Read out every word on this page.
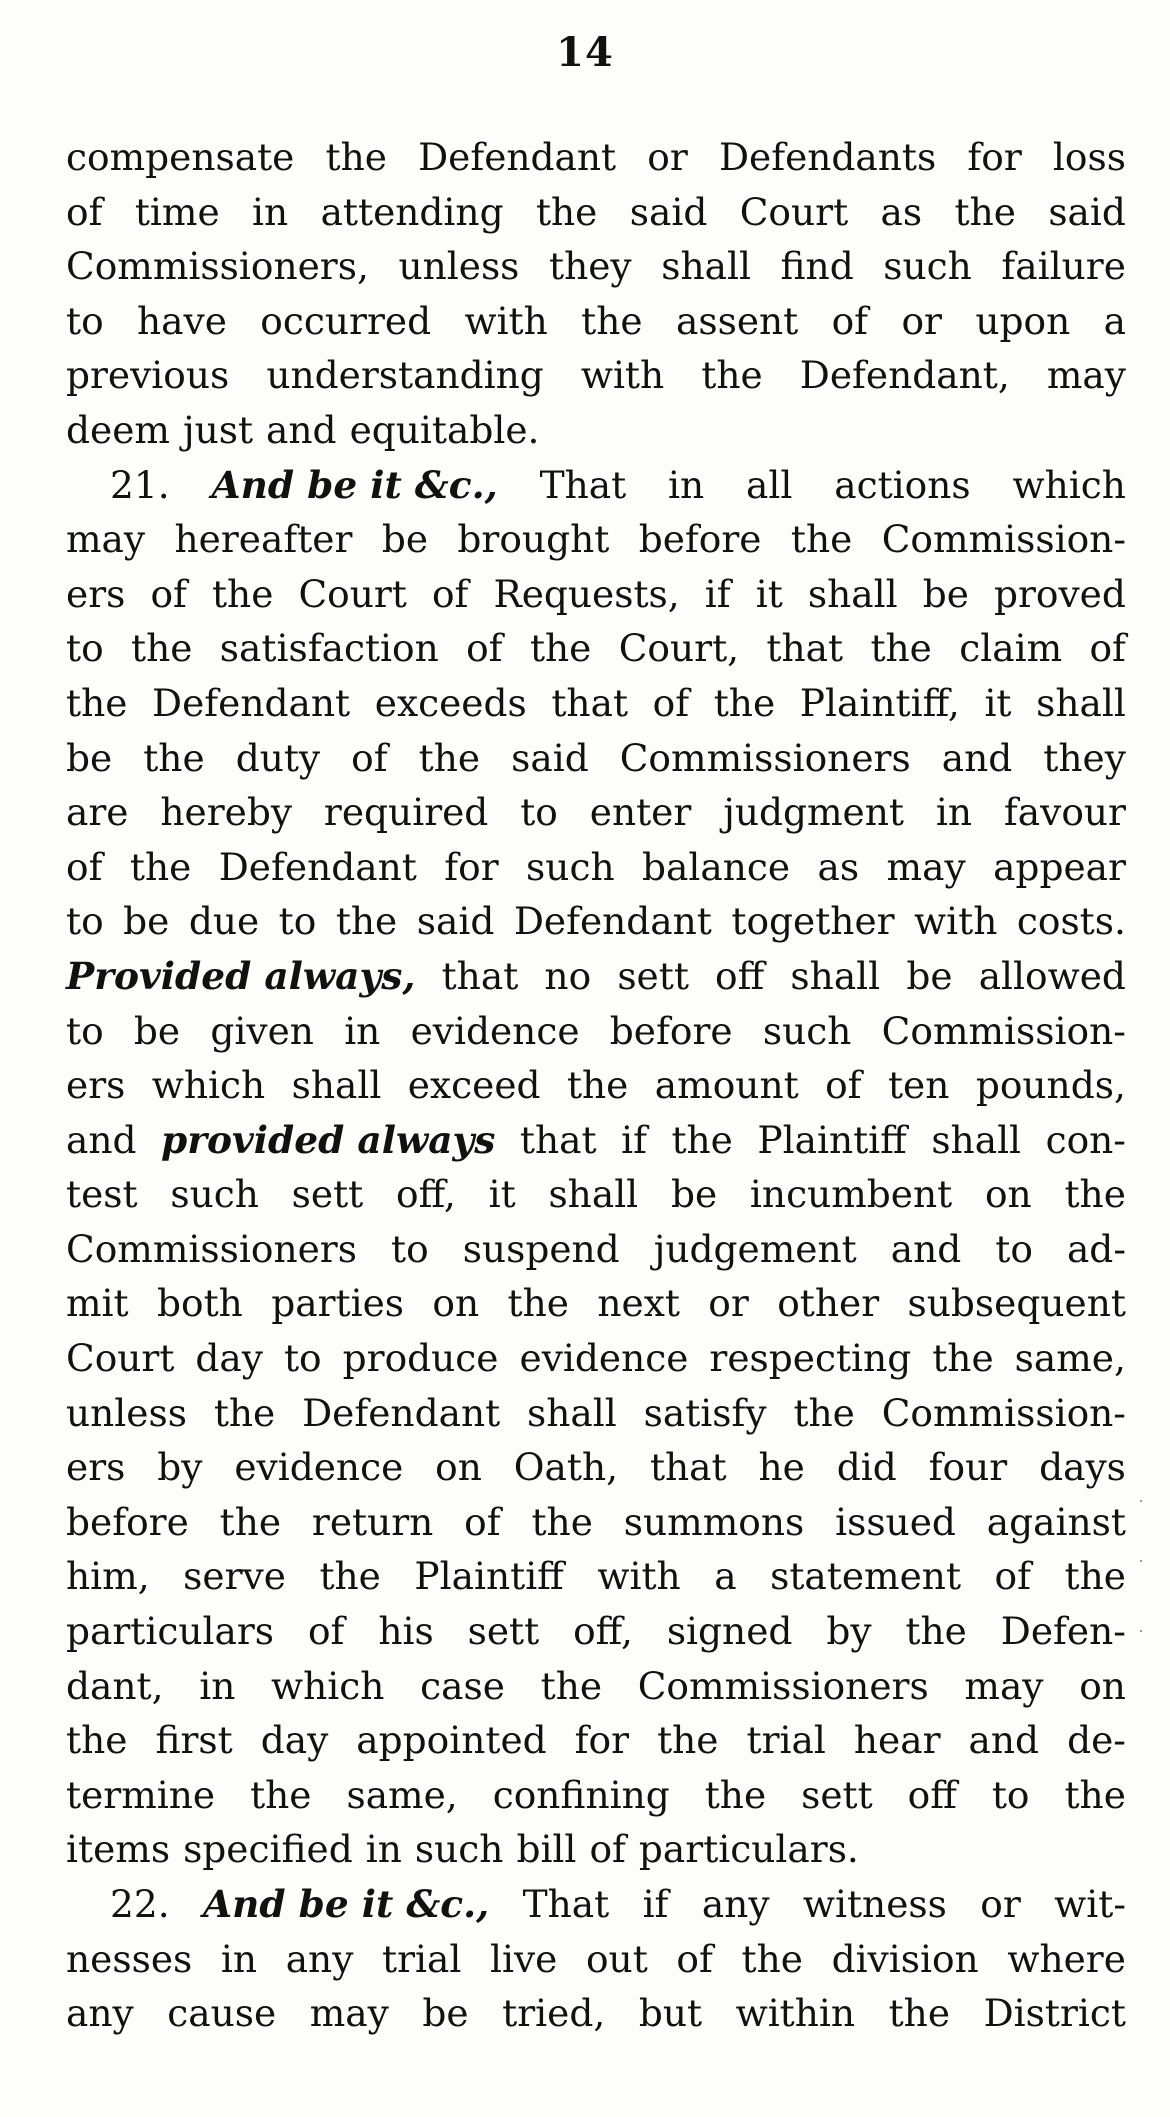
14
compensate the Defendant or Defendants for loss
of time in attending the said Court as the said
Commissioners, unless they shall find such failure
to have occurred with the assent of or upon a
previous understanding with the Defendant, may
deem just and equitable.
21. And be it &c., That in all actions which
may hereafter be brought before the Commission-
ers of the Court of Requests, if it shall be proved
to the satisfaction of the Court, that the claim of
the Defendant exceeds that of the Plaintiff, it shall
be the duty of the said Commissioners and they
are hereby required to enter judgment in favour
of the Defendant for such balance as may appear
to be due to the said Defendant together with costs.
Provided always, that no sett off shall be allowed
to be given in evidence before such Commission-
ers which shall exceed the amount of ten pounds,
and provided always that if the Plaintiff shall con-
test such sett off, it shall be incumbent on the
Commissioners to suspend judgement and to ad-
mit both parties on the next or other subsequent
Court day to produce evidence respecting the same,
unless the Defendant shall satisfy the Commission-
ers by evidence on Oath, that he did four days
before the return of the summons issued against
him, serve the Plaintiff with a statement of the
particulars of his sett off, signed by the Defen-
dant, in which case the Commissioners may on
the first day appointed for the trial hear and de-
termine the same, confining the sett off to the
items specified in such bill of particulars.
22. And be it &c., That if any witness or wit-
nesses in any trial live out of the division where
any cause may be tried, but within the District
